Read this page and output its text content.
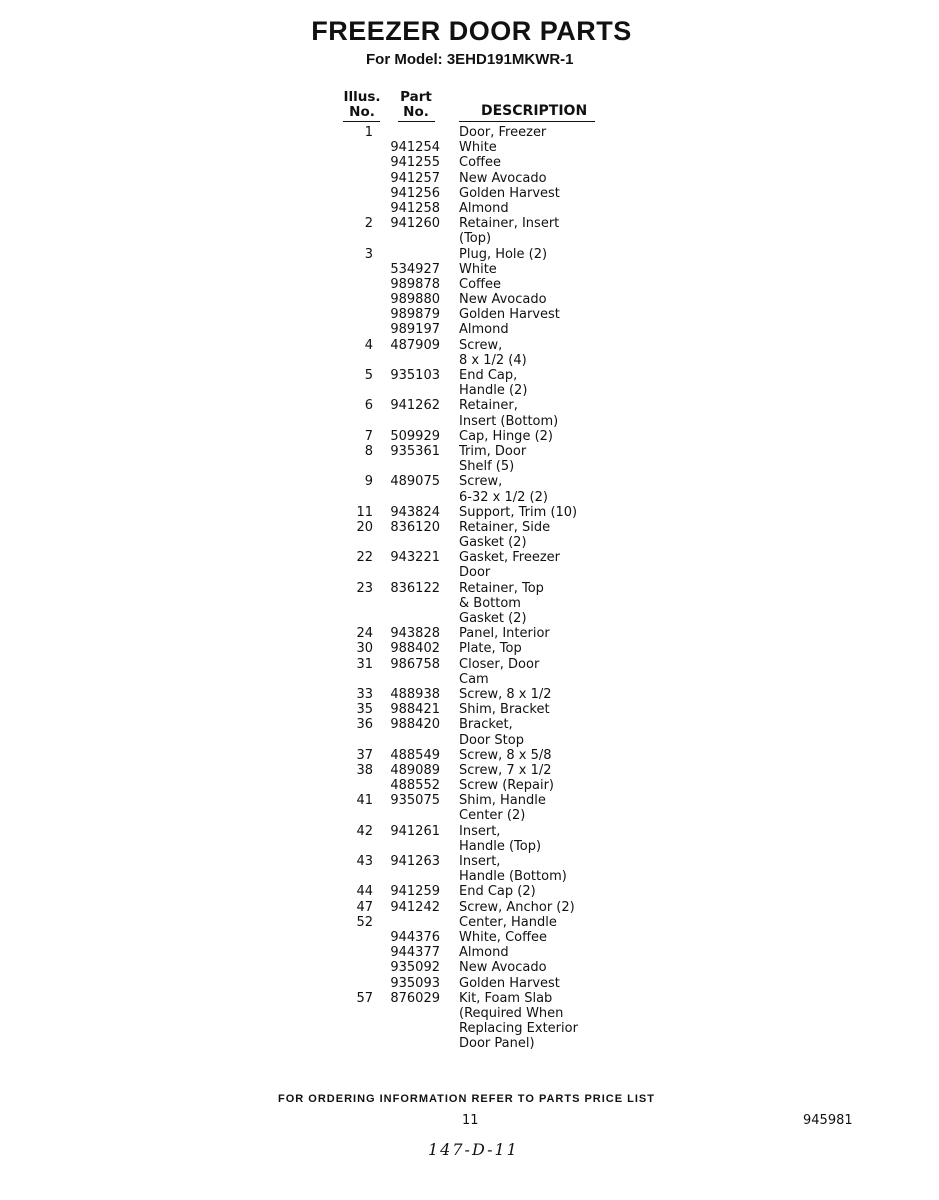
FREEZER DOOR PARTS
For Model: 3EHD191MKWR-1
Illus.
No.
Part
No.	DESCRIPTION
1	Door, Freezer
941254 White
941255 Coffee
941257 New Avocado
941256 Golden Harvest
941258 Almond
2 941260 Retainer, Insert
(Top)
3	Plug, Hole (2)
534927 White
989878 Coffee
989880 New Avocado
989879 Golden Harvest
989197 Almond
4 487909 Screw,
8 x 1/2 (4)
5 935103 End Cap,
Handle (2)
6 941262 Retainer,
Insert (Bottom)
7 509929 Cap, Hinge (2)
8 935361 Trim, Door
Shelf (5)
9 489075 Screw,
6-32 x 1/2 (2)
11 943824 Support, Trim (10)
20 836120 Retainer, Side
Gasket (2)
22 943221 Gasket, Freezer
Door
23 836122 Retainer, Top
& Bottom
Gasket (2)
24 943828 Panel, Interior
30 988402 Plate, Top
31 986758 Closer, Door
Cam
33 488938 Screw, 8 x 1/2
35 988421 Shim, Bracket
36 988420 Bracket,
Door Stop
37 488549 Screw, 8 x 5/8
38 489089 Screw, 7 x 1/2
488552 Screw (Repair)
41 935075 Shim, Handle
Center (2)
42 941261 Insert,
Handle (Top)
43 941263 Insert,
Handle (Bottom)
44 941259 End Cap (2)
47 941242 Screw, Anchor (2)
52	Center, Handle
944376 White, Coffee
944377 Almond
935092 New Avocado
935093 Golden Harvest
57 876029 Kit, Foam Slab
(Required When
Replacing Exterior
Door Panel)
FOR ORDERING INFORMATION REFER TO PARTS PRICE LIST
11	945981
147-D-11
